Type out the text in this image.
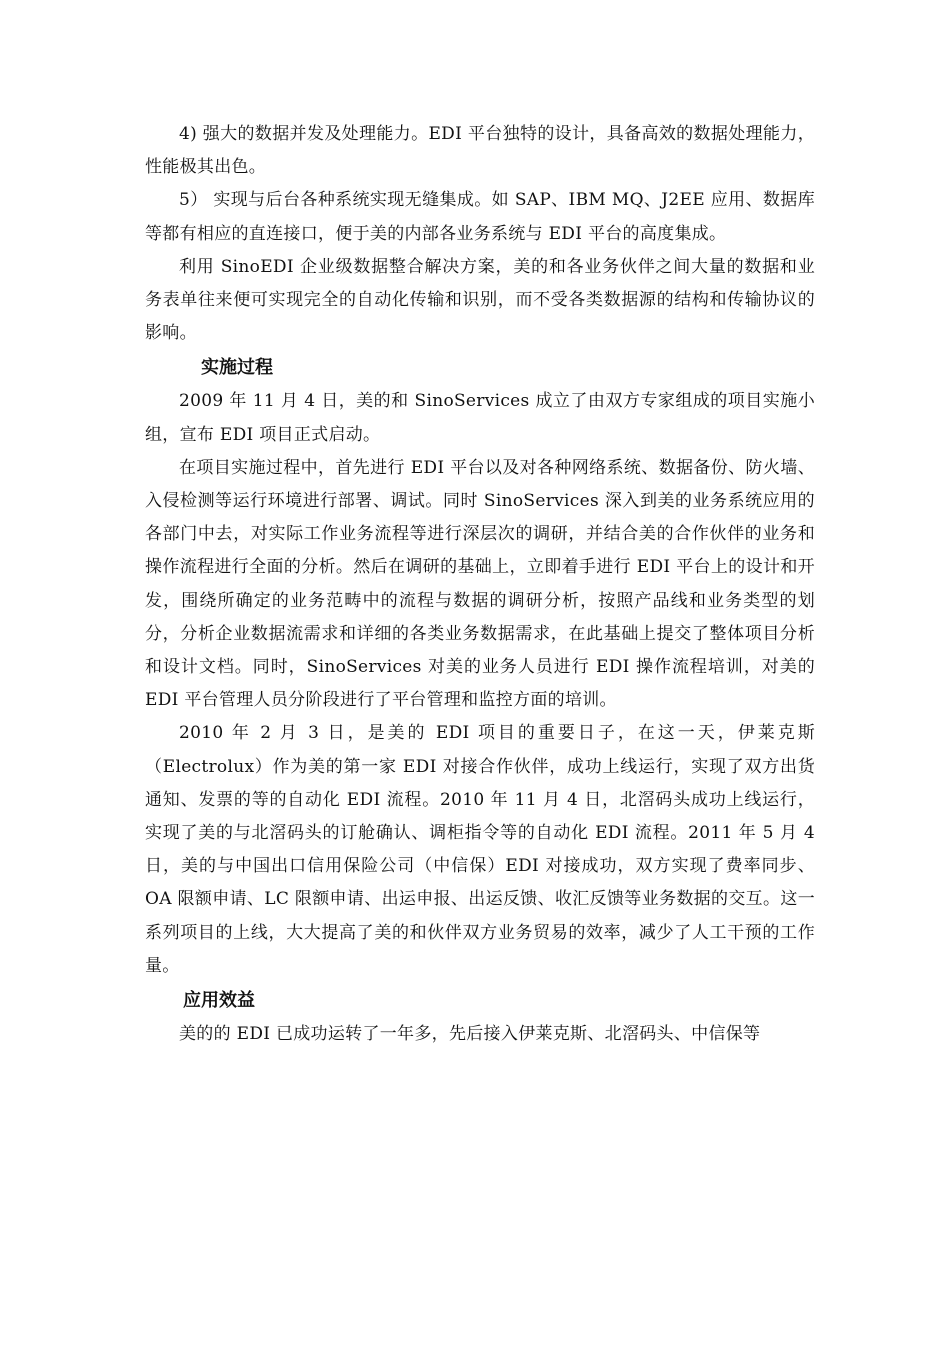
4) 强大的数据并发及处理能力。EDI 平台独特的设计，具备高效的数据处理能力，性能极其出色。

5） 实现与后台各种系统实现无缝集成。如 SAP、IBM MQ、J2EE 应用、数据库等都有相应的直连接口，便于美的内部各业务系统与 EDI 平台的高度集成。

利用 SinoEDI 企业级数据整合解决方案，美的和各业务伙伴之间大量的数据和业务表单往来便可实现完全的自动化传输和识别，而不受各类数据源的结构和传输协议的影响。

实施过程

2009 年 11 月 4 日，美的和 SinoServices 成立了由双方专家组成的项目实施小组，宣布 EDI 项目正式启动。

在项目实施过程中，首先进行 EDI 平台以及对各种网络系统、数据备份、防火墙、入侵检测等运行环境进行部署、调试。同时 SinoServices 深入到美的业务系统应用的各部门中去，对实际工作业务流程等进行深层次的调研，并结合美的合作伙伴的业务和操作流程进行全面的分析。然后在调研的基础上，立即着手进行 EDI 平台上的设计和开发，围绕所确定的业务范畴中的流程与数据的调研分析，按照产品线和业务类型的划分，分析企业数据流需求和详细的各类业务数据需求，在此基础上提交了整体项目分析和设计文档。同时，SinoServices 对美的业务人员进行 EDI 操作流程培训，对美的 EDI 平台管理人员分阶段进行了平台管理和监控方面的培训。

2010 年 2 月 3 日，是美的 EDI 项目的重要日子，在这一天，伊莱克斯（Electrolux）作为美的第一家 EDI 对接合作伙伴，成功上线运行，实现了双方出货通知、发票的等的自动化 EDI 流程。2010 年 11 月 4 日，北滘码头成功上线运行，实现了美的与北滘码头的订舱确认、调柜指令等的自动化 EDI 流程。2011 年 5 月 4 日，美的与中国出口信用保险公司（中信保）EDI 对接成功，双方实现了费率同步、OA 限额申请、LC 限额申请、出运申报、出运反馈、收汇反馈等业务数据的交互。这一系列项目的上线，大大提高了美的和伙伴双方业务贸易的效率，减少了人工干预的工作量。

应用效益

美的的 EDI 已成功运转了一年多，先后接入伊莱克斯、北滘码头、中信保等
